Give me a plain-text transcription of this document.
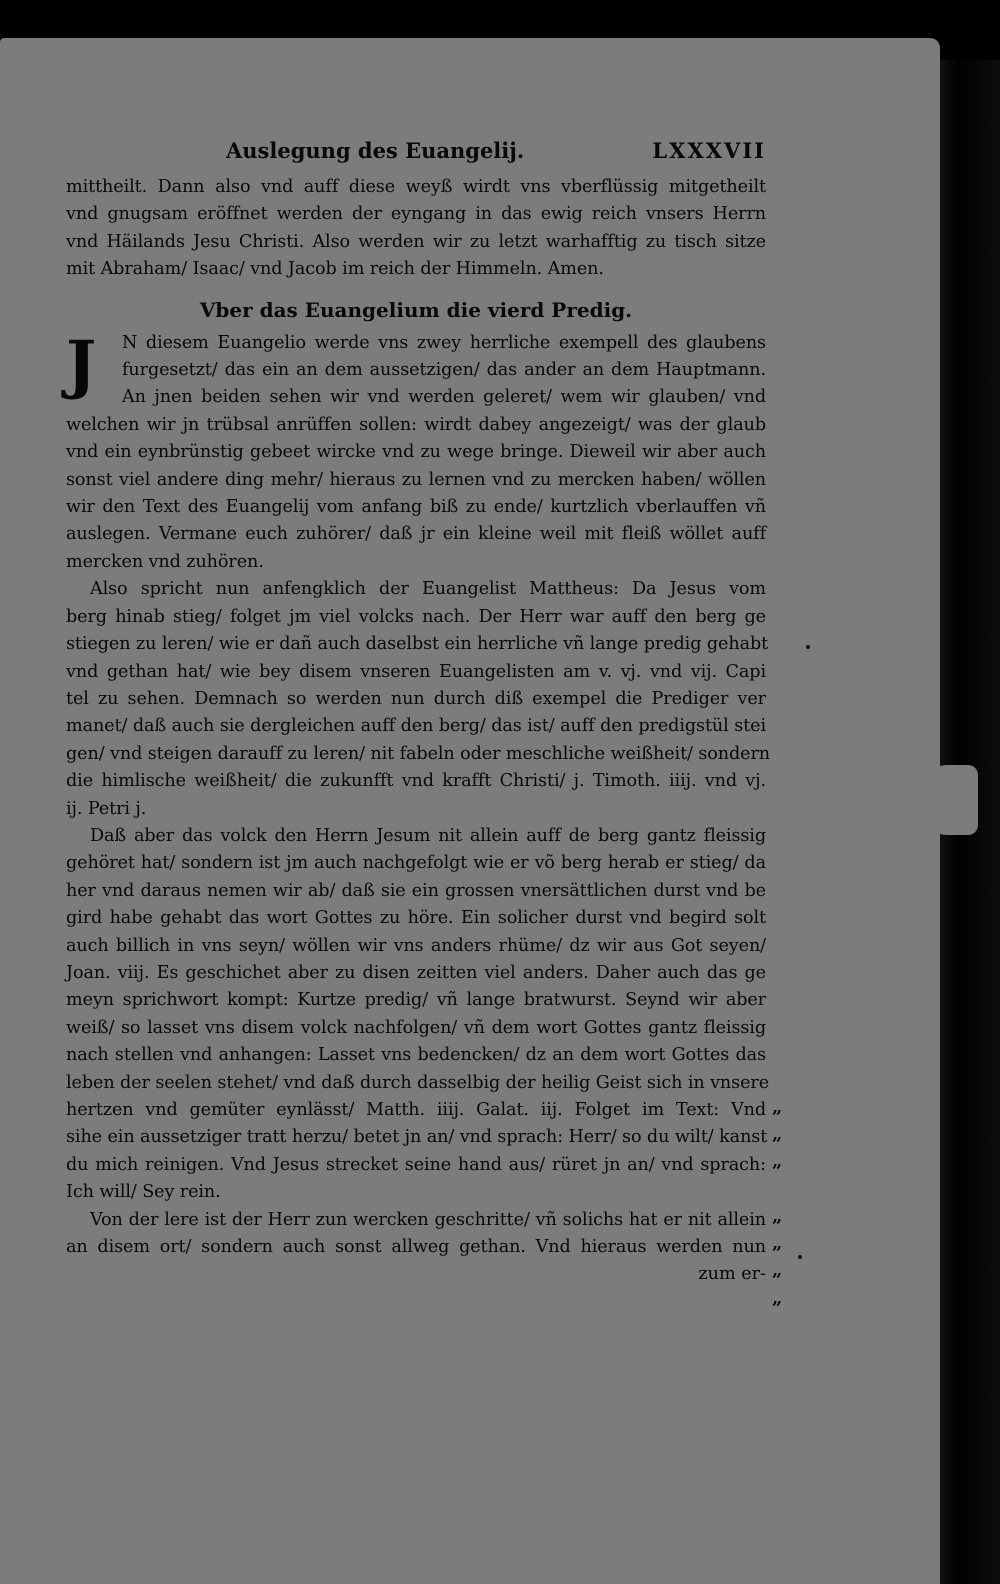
Auslegung des Euangelij.	LXXXVII
mittheilt. Dann also vnd auff diese weyß wirdt vns vberflüssig mitgetheilt
vnd gnugsam eröffnet werden der eyngang in das ewig reich vnsers Herrn
vnd Häilands Jesu Christi. Also werden wir zu letzt warhafftig zu tisch sitze
mit Abraham/ Isaac/ vnd Jacob im reich der Himmeln. Amen.
Vber das Euangelium die vierd Predig.
J	N diesem Euangelio werde vns zwey herrliche exempell des glaubens
furgesetzt/ das ein an dem aussetzigen/ das ander an dem Hauptmann.
An jnen beiden sehen wir vnd werden geleret/ wem wir glauben/ vnd
welchen wir jn trübsal anrüffen sollen: wirdt dabey angezeigt/ was der glaub
vnd ein eynbrünstig gebeet wircke vnd zu wege bringe. Dieweil wir aber auch
sonst viel andere ding mehr/ hieraus zu lernen vnd zu mercken haben/ wöllen
wir den Text des Euangelij vom anfang biß zu ende/ kurtzlich vberlauffen vñ
auslegen. Vermane euch zuhörer/ daß jr ein kleine weil mit fleiß wöllet auff
mercken vnd zuhören.
Also spricht nun anfengklich der Euangelist Mattheus: Da Jesus vom
berg hinab stieg/ folget jm viel volcks nach. Der Herr war auff den berg ge
stiegen zu leren/ wie er dañ auch daselbst ein herrliche vñ lange predig gehabt
vnd gethan hat/ wie bey disem vnseren Euangelisten am v. vj. vnd vij. Capi
tel zu sehen. Demnach so werden nun durch diß exempel die Prediger ver
manet/ daß auch sie dergleichen auff den berg/ das ist/ auff den predigstül stei
gen/ vnd steigen darauff zu leren/ nit fabeln oder meschliche weißheit/ sondern
die himlische weißheit/ die zukunfft vnd krafft Christi/ j. Timoth. iiij. vnd vj.
ij. Petri j.
Daß aber das volck den Herrn Jesum nit allein auff de berg gantz fleissig
gehöret hat/ sondern ist jm auch nachgefolgt wie er võ berg herab er stieg/ da
her vnd daraus nemen wir ab/ daß sie ein grossen vnersättlichen durst vnd be
gird habe gehabt das wort Gottes zu höre. Ein solicher durst vnd begird solt
auch billich in vns seyn/ wöllen wir vns anders rhüme/ dz wir aus Got seyen/
Joan. viij. Es geschichet aber zu disen zeitten viel anders. Daher auch das ge
meyn sprichwort kompt: Kurtze predig/ vñ lange bratwurst. Seynd wir aber
weiß/ so lasset vns disem volck nachfolgen/ vñ dem wort Gottes gantz fleissig
nach stellen vnd anhangen: Lasset vns bedencken/ dz an dem wort Gottes das
leben der seelen stehet/ vnd daß durch dasselbig der heilig Geist sich in vnsere
hertzen vnd gemüter eynlässt/ Matth. iiij. Galat. iij. Folget im Text: Vnd
sihe ein aussetziger tratt herzu/ betet jn an/ vnd sprach: Herr/ so du wilt/ kanst
du mich reinigen. Vnd Jesus strecket seine hand aus/ rüret jn an/ vnd sprach:
Ich will/ Sey rein.
Von der lere ist der Herr zun wercken geschritte/ vñ solichs hat er nit allein
an disem ort/ sondern auch sonst allweg gethan. Vnd hieraus werden nun
zum er-
„
„
„
„
„
„
„
